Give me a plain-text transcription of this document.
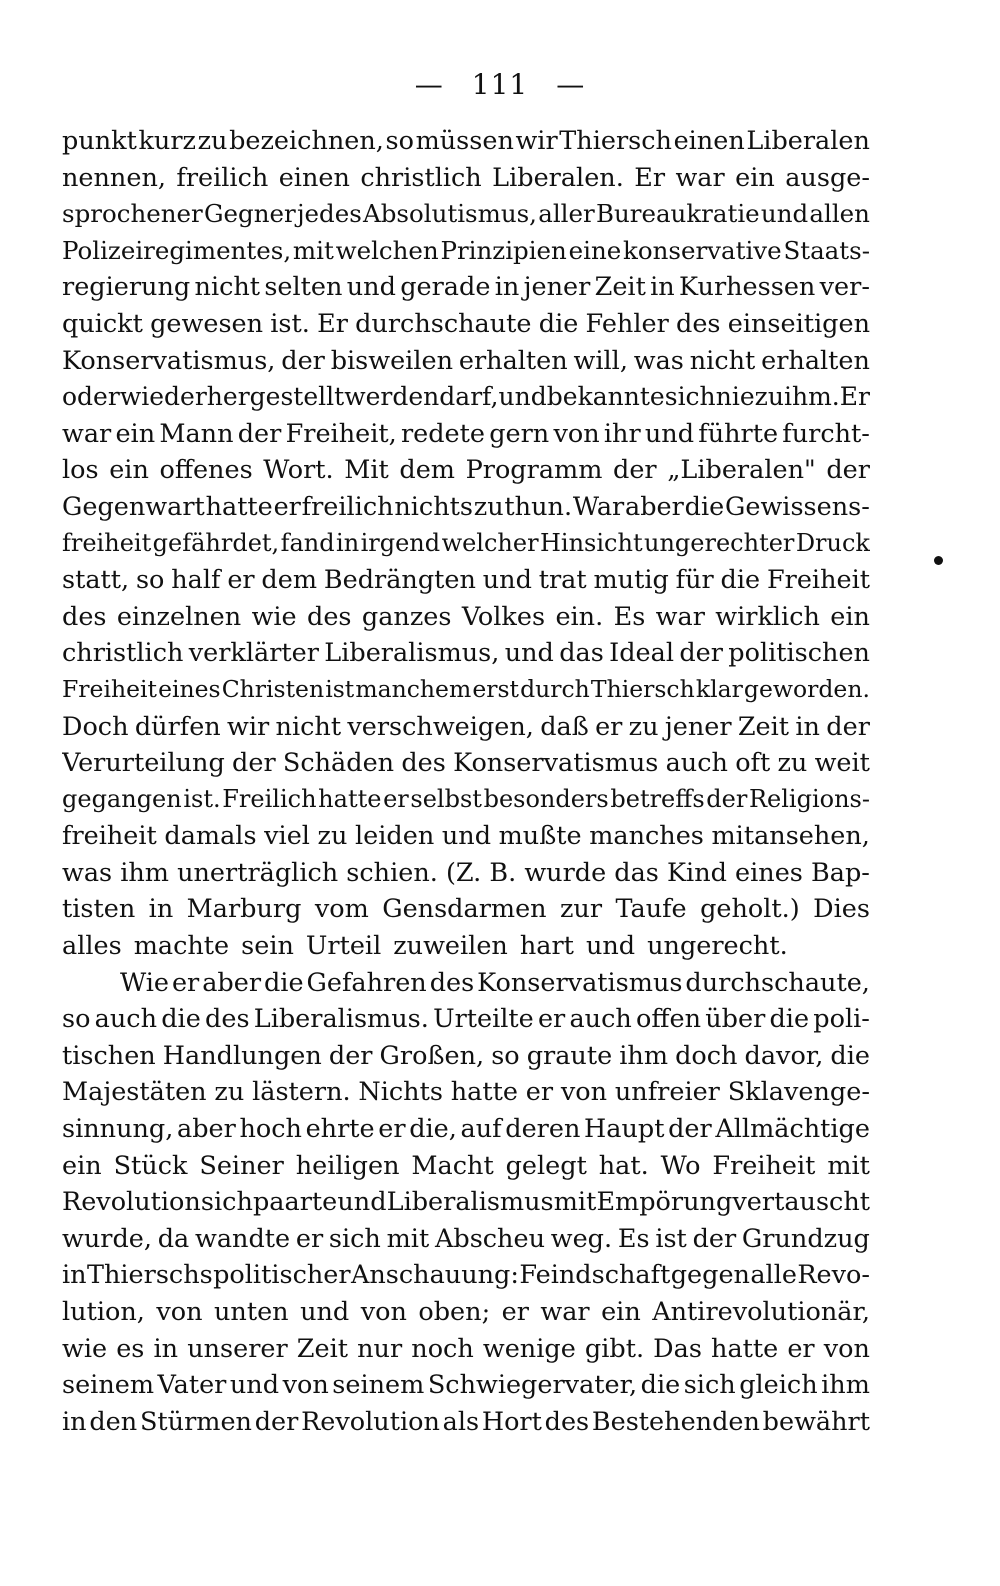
— 111 —
punkt kurz zu bezeichnen, so müssen wir Thiersch einen Liberalen
nennen, freilich einen christlich Liberalen. Er war ein ausge-
sprochener Gegner jedes Absolutismus, aller Bureaukratie und allen
Polizeiregimentes, mit welchen Prinzipien eine konservative Staats-
regierung nicht selten und gerade in jener Zeit in Kurhessen ver-
quickt gewesen ist. Er durchschaute die Fehler des einseitigen
Konservatismus, der bisweilen erhalten will, was nicht erhalten
oder wiederhergestellt werden darf, und bekannte sich nie zu ihm. Er
war ein Mann der Freiheit, redete gern von ihr und führte furcht-
los ein offenes Wort. Mit dem Programm der „Liberalen" der
Gegenwart hatte er freilich nichts zu thun. War aber die Gewissens-
freiheit gefährdet, fand in irgend welcher Hinsicht ungerechter Druck
statt, so half er dem Bedrängten und trat mutig für die Freiheit
des einzelnen wie des ganzes Volkes ein. Es war wirklich ein
christlich verklärter Liberalismus, und das Ideal der politischen
Freiheit eines Christen ist manchem erst durch Thiersch klar geworden.
Doch dürfen wir nicht verschweigen, daß er zu jener Zeit in der
Verurteilung der Schäden des Konservatismus auch oft zu weit
gegangen ist. Freilich hatte er selbst besonders betreffs der Religions-
freiheit damals viel zu leiden und mußte manches mitansehen,
was ihm unerträglich schien. (Z. B. wurde das Kind eines Bap-
tisten in Marburg vom Gensdarmen zur Taufe geholt.) Dies
alles machte sein Urteil zuweilen hart und ungerecht.
Wie er aber die Gefahren des Konservatismus durchschaute,
so auch die des Liberalismus. Urteilte er auch offen über die poli-
tischen Handlungen der Großen, so graute ihm doch davor, die
Majestäten zu lästern. Nichts hatte er von unfreier Sklavenge-
sinnung, aber hoch ehrte er die, auf deren Haupt der Allmächtige
ein Stück Seiner heiligen Macht gelegt hat. Wo Freiheit mit
Revolution sich paarte und Liberalismus mit Empörung vertauscht
wurde, da wandte er sich mit Abscheu weg. Es ist der Grundzug
in Thierschs politischer Anschauung: Feindschaft gegen alle Revo-
lution, von unten und von oben; er war ein Antirevolutionär,
wie es in unserer Zeit nur noch wenige gibt. Das hatte er von
seinem Vater und von seinem Schwiegervater, die sich gleich ihm
in den Stürmen der Revolution als Hort des Bestehenden bewährt
